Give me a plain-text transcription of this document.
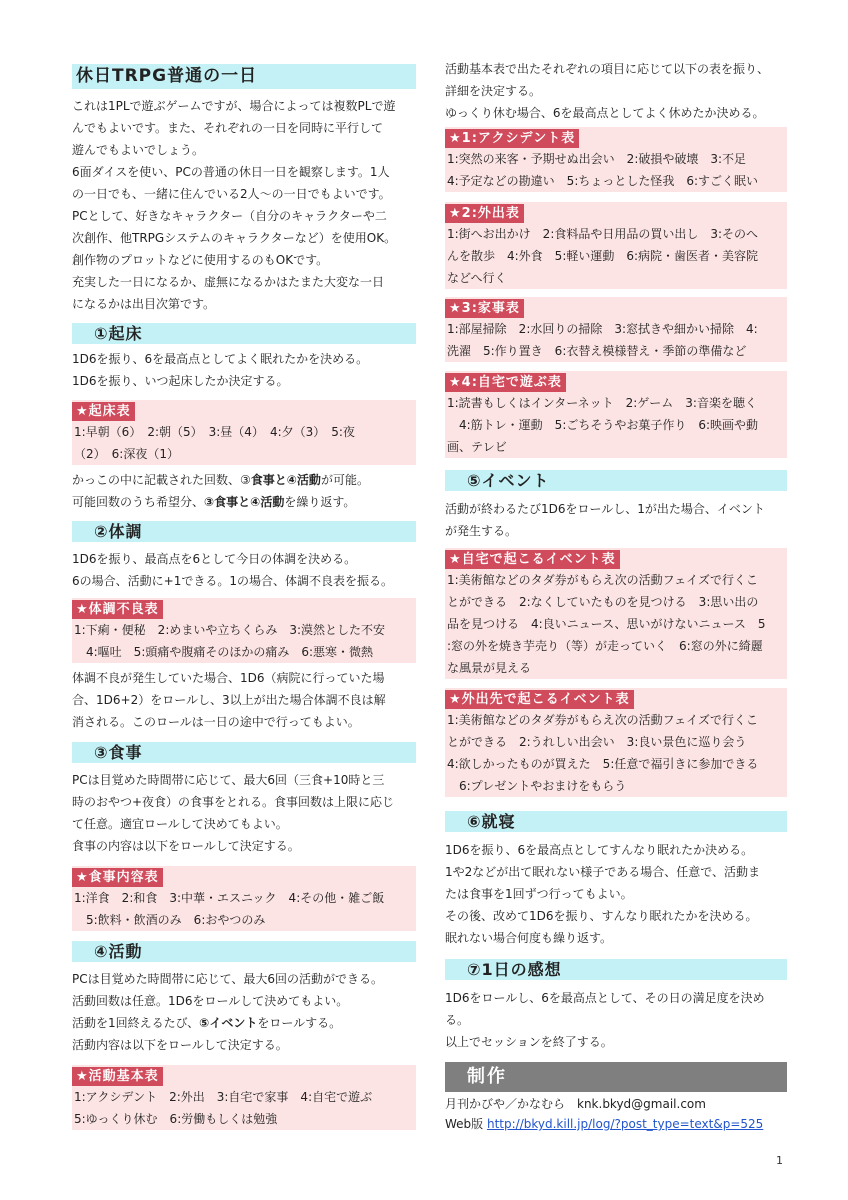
休日TRPG普通の一日

これは1PLで遊ぶゲームですが、場合によっては複数PLで遊

んでもよいです。また、それぞれの一日を同時に平行して

遊んでもよいでしょう。

6面ダイスを使い、PCの普通の休日一日を観察します。1人

の一日でも、一緒に住んでいる2人〜の一日でもよいです。

PCとして、好きなキャラクター（自分のキャラクターや二

次創作、他TRPGシステムのキャラクターなど）を使用OK。

創作物のプロットなどに使用するのもOKです。

充実した一日になるか、虚無になるかはたまた大変な一日

になるかは出目次第です。

①起床

1D6を振り、6を最高点としてよく眠れたかを決める。

1D6を振り、いつ起床したか決定する。

★起床表

1:早朝（6）　2:朝（5）　3:昼（4）　4:夕（3）　5:夜

（2）　6:深夜（1）

かっこの中に記載された回数、③食事と④活動が可能。

可能回数のうち希望分、③食事と④活動を繰り返す。

②体調

1D6を振り、最高点を6として今日の体調を決める。

6の場合、活動に+1できる。1の場合、体調不良表を振る。

★体調不良表

1:下痢・便秘　2:めまいや立ちくらみ　3:漠然とした不安

　4:嘔吐　5:頭痛や腹痛そのほかの痛み　6:悪寒・微熱

体調不良が発生していた場合、1D6（病院に行っていた場

合、1D6+2）をロールし、3以上が出た場合体調不良は解

消される。このロールは一日の途中で行ってもよい。

③食事

PCは目覚めた時間帯に応じて、最大6回（三食+10時と三

時のおやつ+夜食）の食事をとれる。食事回数は上限に応じ

て任意。適宜ロールして決めてもよい。

食事の内容は以下をロールして決定する。

★食事内容表

1:洋食　2:和食　3:中華・エスニック　4:その他・雑ご飯

　5:飲料・飲酒のみ　6:おやつのみ

④活動

PCは目覚めた時間帯に応じて、最大6回の活動ができる。

活動回数は任意。1D6をロールして決めてもよい。

活動を1回終えるたび、⑤イベントをロールする。

活動内容は以下をロールして決定する。

★活動基本表

1:アクシデント　2:外出　3:自宅で家事　4:自宅で遊ぶ

5:ゆっくり休む　6:労働もしくは勉強

活動基本表で出たそれぞれの項目に応じて以下の表を振り、

詳細を決定する。

ゆっくり休む場合、6を最高点としてよく休めたか決める。

★1:アクシデント表

1:突然の来客・予期せぬ出会い　2:破損や破壊　3:不足

4:予定などの勘違い　5:ちょっとした怪我　6:すごく眠い

★2:外出表

1:街へお出かけ　2:食料品や日用品の買い出し　3:そのへ

んを散歩　4:外食　5:軽い運動　6:病院・歯医者・美容院

などへ行く

★3:家事表

1:部屋掃除　2:水回りの掃除　3:窓拭きや細かい掃除　4:

洗濯　5:作り置き　6:衣替え模様替え・季節の準備など

★4:自宅で遊ぶ表

1:読書もしくはインターネット　2:ゲーム　3:音楽を聴く

　4:筋トレ・運動　5:ごちそうやお菓子作り　6:映画や動

画、テレビ

⑤イベント

活動が終わるたび1D6をロールし、1が出た場合、イベント

が発生する。

★自宅で起こるイベント表

1:美術館などのタダ券がもらえ次の活動フェイズで行くこ

とができる　2:なくしていたものを見つける　3:思い出の

品を見つける　4:良いニュース、思いがけないニュース　5

:窓の外を焼き芋売り（等）が走っていく　6:窓の外に綺麗

な風景が見える

★外出先で起こるイベント表

1:美術館などのタダ券がもらえ次の活動フェイズで行くこ

とができる　2:うれしい出会い　3:良い景色に巡り会う

4:欲しかったものが買えた　5:任意で福引きに参加できる

　6:プレゼントやおまけをもらう

⑥就寝

1D6を振り、6を最高点としてすんなり眠れたか決める。

1や2などが出て眠れない様子である場合、任意で、活動ま

たは食事を1回ずつ行ってもよい。

その後、改めて1D6を振り、すんなり眠れたかを決める。

眠れない場合何度も繰り返す。

⑦1日の感想

1D6をロールし、6を最高点として、その日の満足度を決め

る。

以上でセッションを終了する。

制作

月刊かびや／かなむら　knk.bkyd@gmail.com

Web版 http://bkyd.kill.jp/log/?post_type=text&p=525

1
